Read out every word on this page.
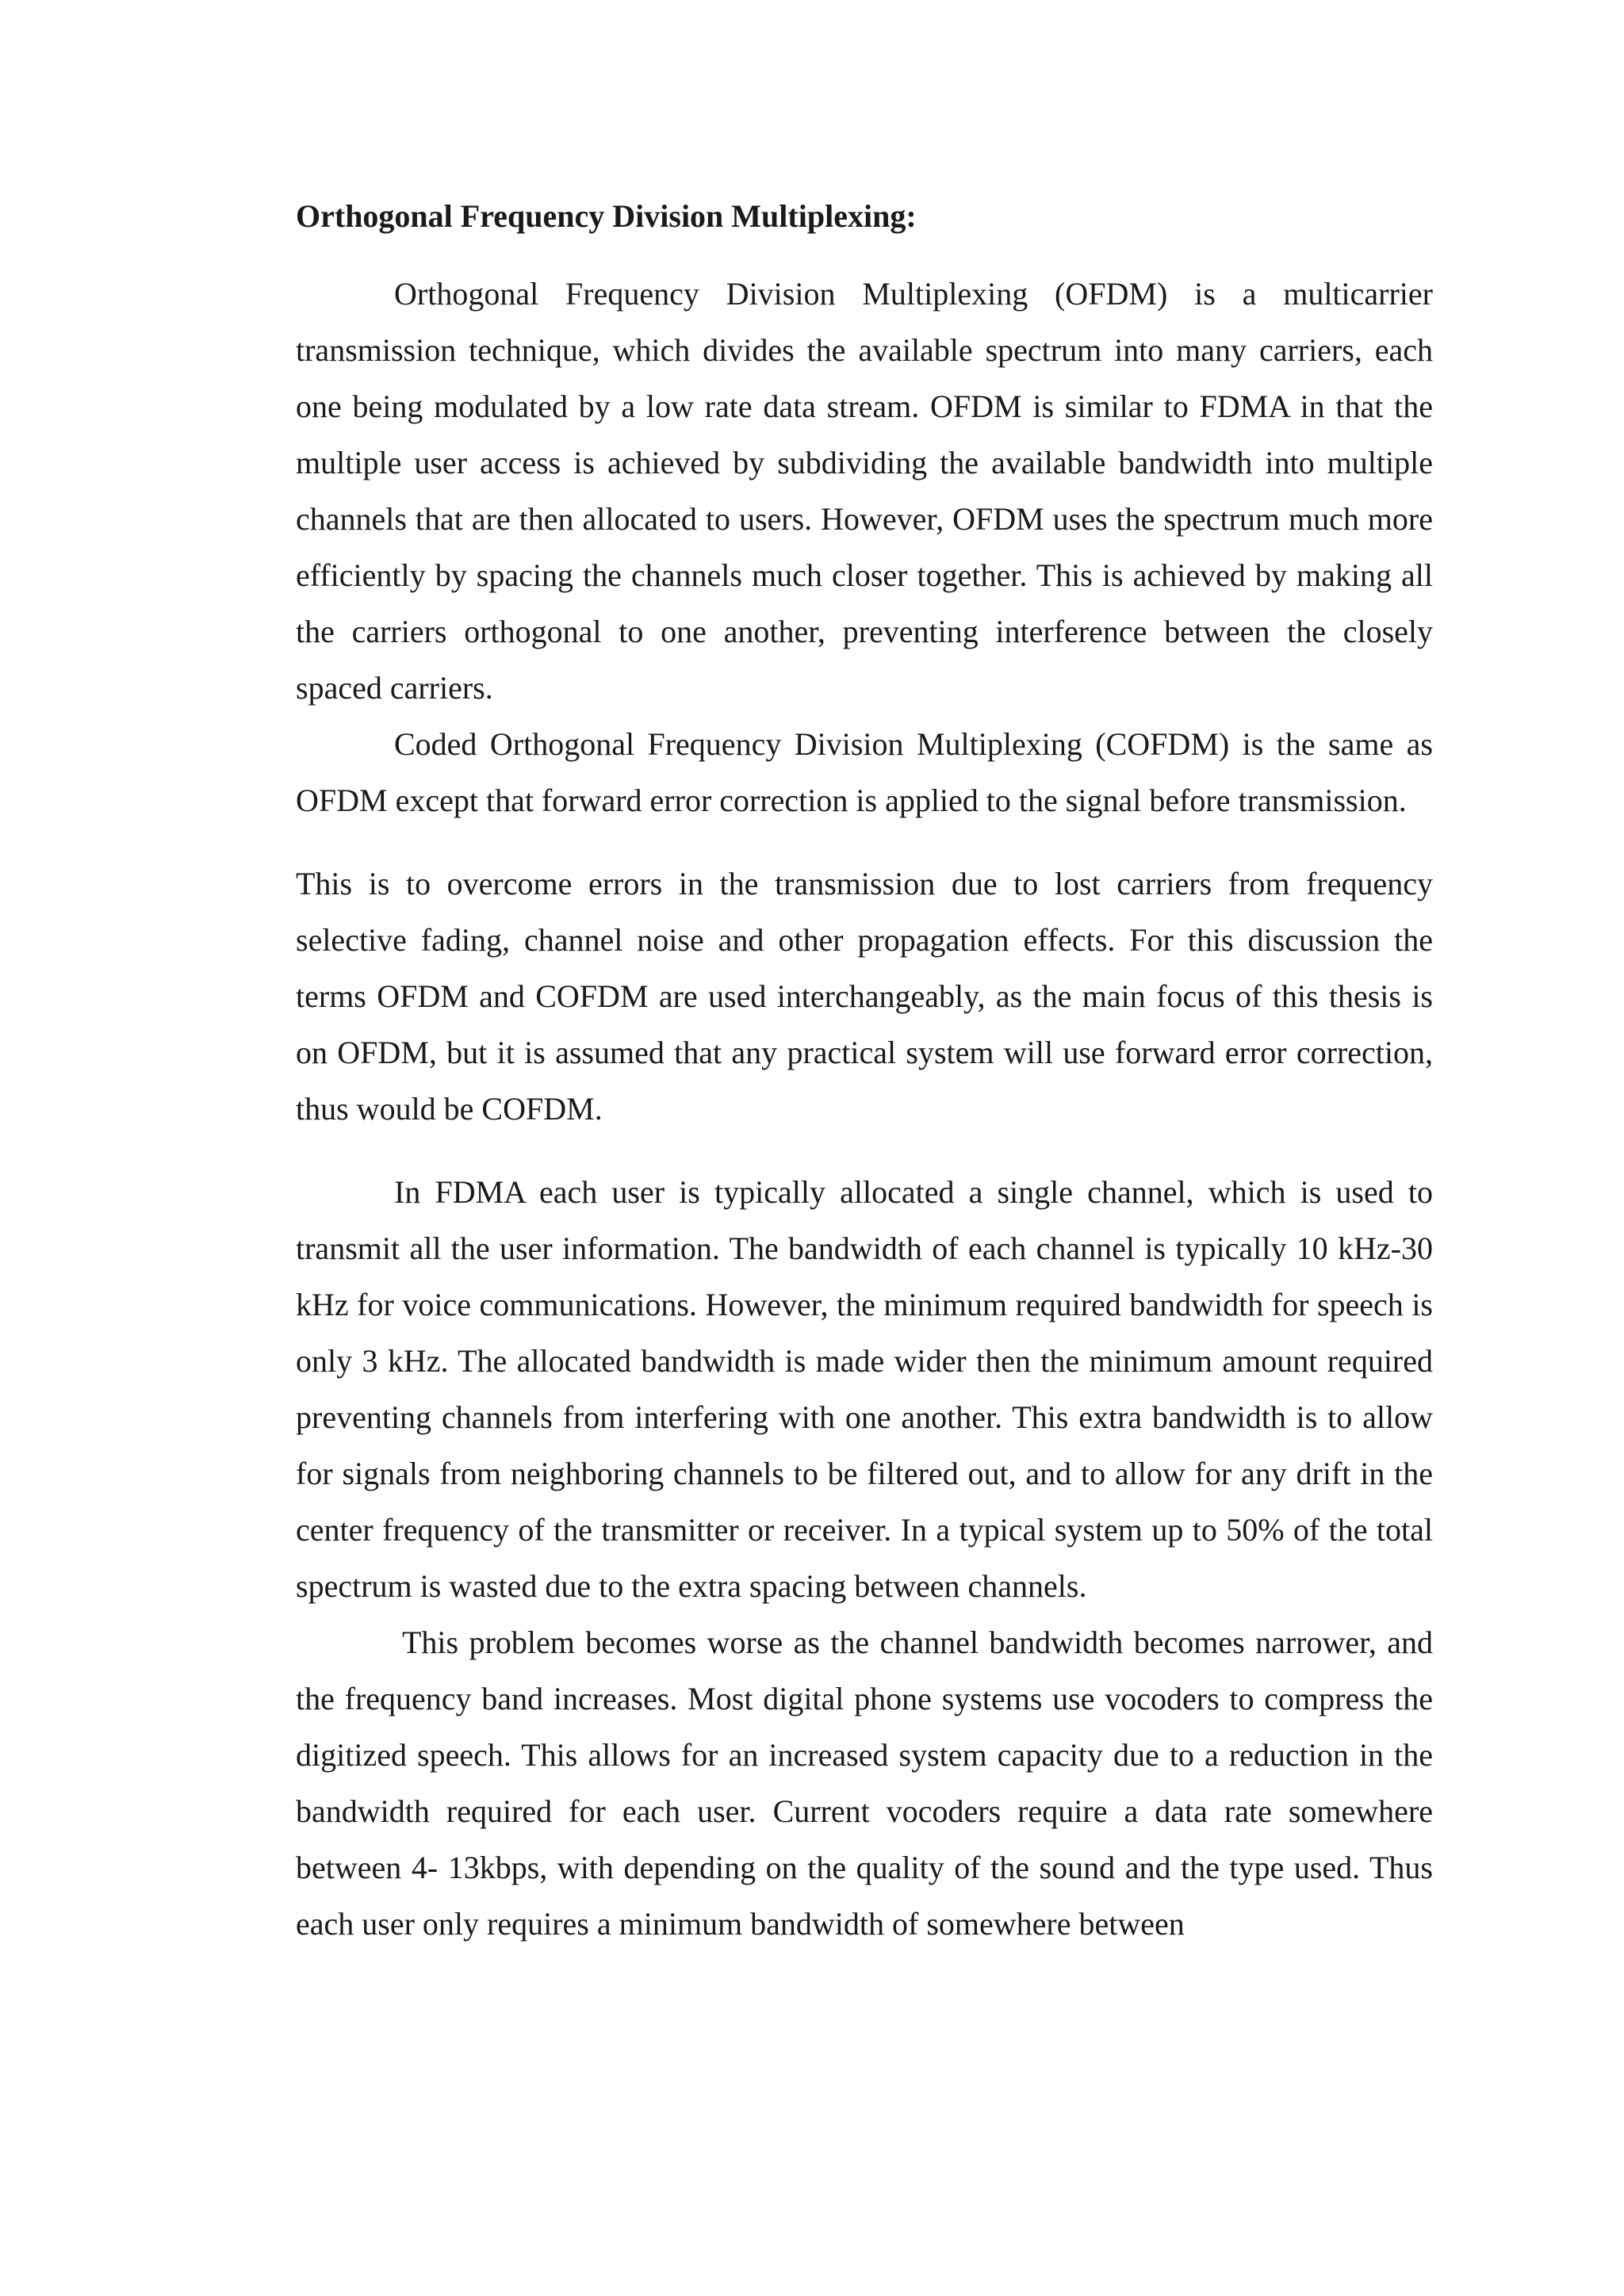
Orthogonal Frequency Division Multiplexing:

Orthogonal Frequency Division Multiplexing (OFDM) is a multicarrier transmission technique, which divides the available spectrum into many carriers, each one being modulated by a low rate data stream. OFDM is similar to FDMA in that the multiple user access is achieved by subdividing the available bandwidth into multiple channels that are then allocated to users. However, OFDM uses the spectrum much more efficiently by spacing the channels much closer together. This is achieved by making all the carriers orthogonal to one another, preventing interference between the closely spaced carriers.

Coded Orthogonal Frequency Division Multiplexing (COFDM) is the same as OFDM except that forward error correction is applied to the signal before transmission.

This is to overcome errors in the transmission due to lost carriers from frequency selective fading, channel noise and other propagation effects. For this discussion the terms OFDM and COFDM are used interchangeably, as the main focus of this thesis is on OFDM, but it is assumed that any practical system will use forward error correction, thus would be COFDM.

In FDMA each user is typically allocated a single channel, which is used to transmit all the user information. The bandwidth of each channel is typically 10 kHz-30 kHz for voice communications. However, the minimum required bandwidth for speech is only 3 kHz. The allocated bandwidth is made wider then the minimum amount required preventing channels from interfering with one another. This extra bandwidth is to allow for signals from neighboring channels to be filtered out, and to allow for any drift in the center frequency of the transmitter or receiver. In a typical system up to 50% of the total spectrum is wasted due to the extra spacing between channels.

This problem becomes worse as the channel bandwidth becomes narrower, and the frequency band increases. Most digital phone systems use vocoders to compress the digitized speech. This allows for an increased system capacity due to a reduction in the bandwidth required for each user. Current vocoders require a data rate somewhere between 4- 13kbps, with depending on the quality of the sound and the type used. Thus each user only requires a minimum bandwidth of somewhere between
